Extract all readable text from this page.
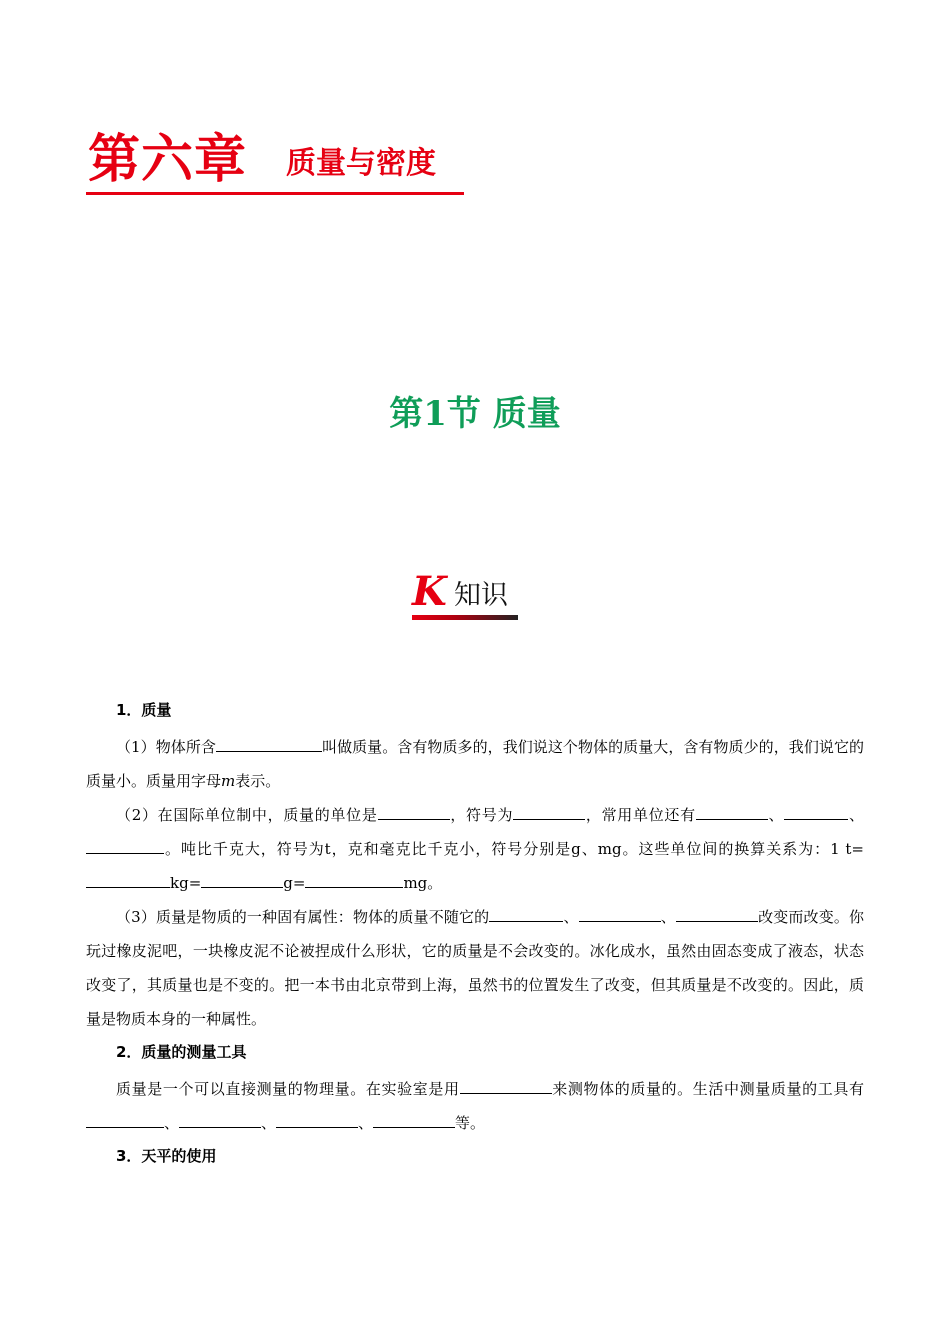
第六章 质量与密度
第1节 质量
K 知识
1．质量

（1）物体所含	叫做质量。含有物质多的，我们说这个物体的质量大，含有物质少的，我们说它的质量小。质量用字母m表示。

（2）在国际单位制中，质量的单位是	，符号为	，常用单位还有	、	、。吨比千克大，符号为t，克和毫克比千克小，符号分别是g、mg。这些单位间的换算关系为：1 t=kg=	g=	mg。

（3）质量是物质的一种固有属性：物体的质量不随它的	、	、	改变而改变。你玩过橡皮泥吧，一块橡皮泥不论被捏成什么形状，它的质量是不会改变的。冰化成水，虽然由固态变成了液态，状态改变了，其质量也是不变的。把一本书由北京带到上海，虽然书的位置发生了改变，但其质量是不改变的。因此，质量是物质本身的一种属性。

2．质量的测量工具

质量是一个可以直接测量的物理量。在实验室是用	来测物体的质量的。生活中测量质量的工具有、	、	、	等。

3．天平的使用
